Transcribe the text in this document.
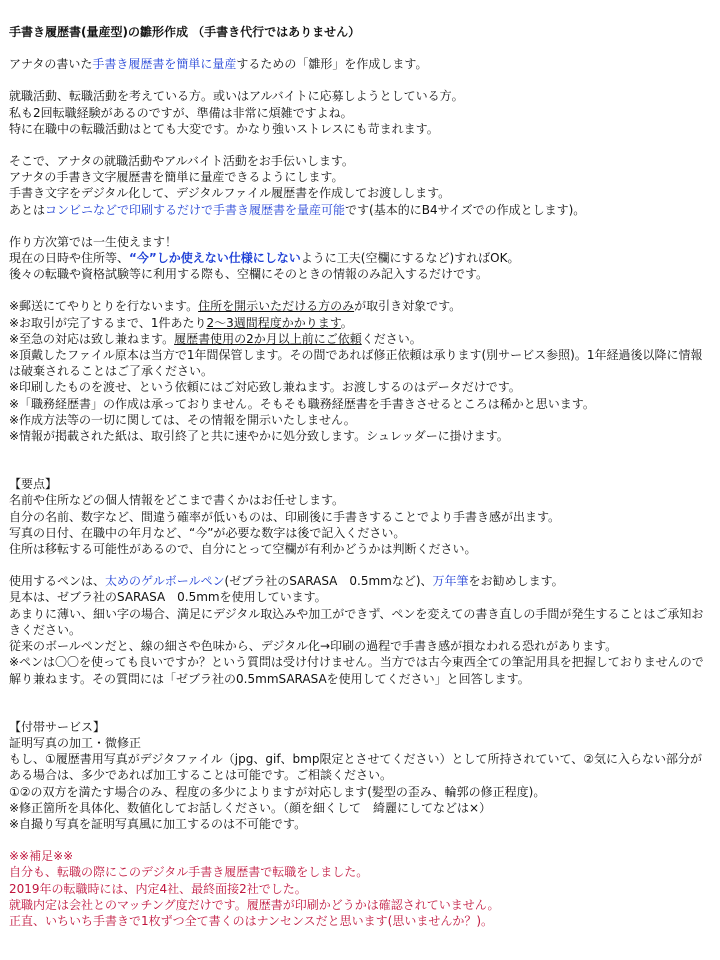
手書き履歴書(量産型)の雛形作成 （手書き代行ではありません）
アナタの書いた手書き履歴書を簡単に量産するための「雛形」を作成します。
就職活動、転職活動を考えている方。或いはアルバイトに応募しようとしている方。
私も2回転職経験があるのですが、準備は非常に煩雑ですよね。
特に在職中の転職活動はとても大変です。かなり強いストレスにも苛まれます。
そこで、アナタの就職活動やアルバイト活動をお手伝いします。
アナタの手書き文字履歴書を簡単に量産できるようにします。
手書き文字をデジタル化して、デジタルファイル履歴書を作成してお渡しします。
あとはコンビニなどで印刷するだけで手書き履歴書を量産可能です(基本的にB4サイズでの作成とします)。
作り方次第では一生使えます！
現在の日時や住所等、“今”しか使えない仕様にしないように工夫(空欄にするなど)すればOK。
後々の転職や資格試験等に利用する際も、空欄にそのときの情報のみ記入するだけです。
※郵送にてやりとりを行ないます。住所を開示いただける方のみが取引き対象です。
※お取引が完了するまで、1件あたり2～3週間程度かかります。
※至急の対応は致し兼ねます。履歴書使用の2か月以上前にご依頼ください。
※頂戴したファイル原本は当方で1年間保管します。その間であれば修正依頼は承ります(別サービス参照)。1年経過後以降に情報は破棄されることはご了承ください。
※印刷したものを渡せ、という依頼にはご対応致し兼ねます。お渡しするのはデータだけです。
※「職務経歴書」の作成は承っておりません。そもそも職務経歴書を手書きさせるところは稀かと思います。
※作成方法等の一切に関しては、その情報を開示いたしません。
※情報が掲載された紙は、取引終了と共に速やかに処分致します。シュレッダーに掛けます。
【要点】
名前や住所などの個人情報をどこまで書くかはお任せします。
自分の名前、数字など、間違う確率が低いものは、印刷後に手書きすることでより手書き感が出ます。
写真の日付、在職中の年月など、“今”が必要な数字は後で記入ください。
住所は移転する可能性があるので、自分にとって空欄が有利かどうかは判断ください。
使用するペンは、太めのゲルボールペン(ゼブラ社のSARASA　0.5mmなど)、万年筆をお勧めします。
見本は、ゼブラ社のSARASA　0.5mmを使用しています。
あまりに薄い、細い字の場合、満足にデジタル取込みや加工ができず、ペンを変えての書き直しの手間が発生することはご承知おきください。
従来のボールペンだと、線の細さや色味から、デジタル化→印刷の過程で手書き感が損なわれる恐れがあります。
※ペンは〇〇を使っても良いですか？という質問は受け付けません。当方では古今東西全ての筆記用具を把握しておりませんので解り兼ねます。その質問には「ゼブラ社の0.5mmSARASAを使用してください」と回答します。
【付帯サービス】
証明写真の加工・微修正
もし、①履歴書用写真がデジタファイル（jpg、gif、bmp限定とさせてください）として所持されていて、②気に入らない部分がある場合は、多少であれば加工することは可能です。ご相談ください。
①②の双方を満たす場合のみ、程度の多少によりますが対応します(髪型の歪み、輪郭の修正程度)。
※修正箇所を具体化、数値化してお話しください。（顔を細くして　綺麗にしてなどは×）
※自撮り写真を証明写真風に加工するのは不可能です。
※※補足※※
自分も、転職の際にこのデジタル手書き履歴書で転職をしました。
2019年の転職時には、内定4社、最終面接2社でした。
就職内定は会社とのマッチング度だけです。履歴書が印刷かどうかは確認されていません。
正直、いちいち手書きで1枚ずつ全て書くのはナンセンスだと思います(思いませんか？)。
